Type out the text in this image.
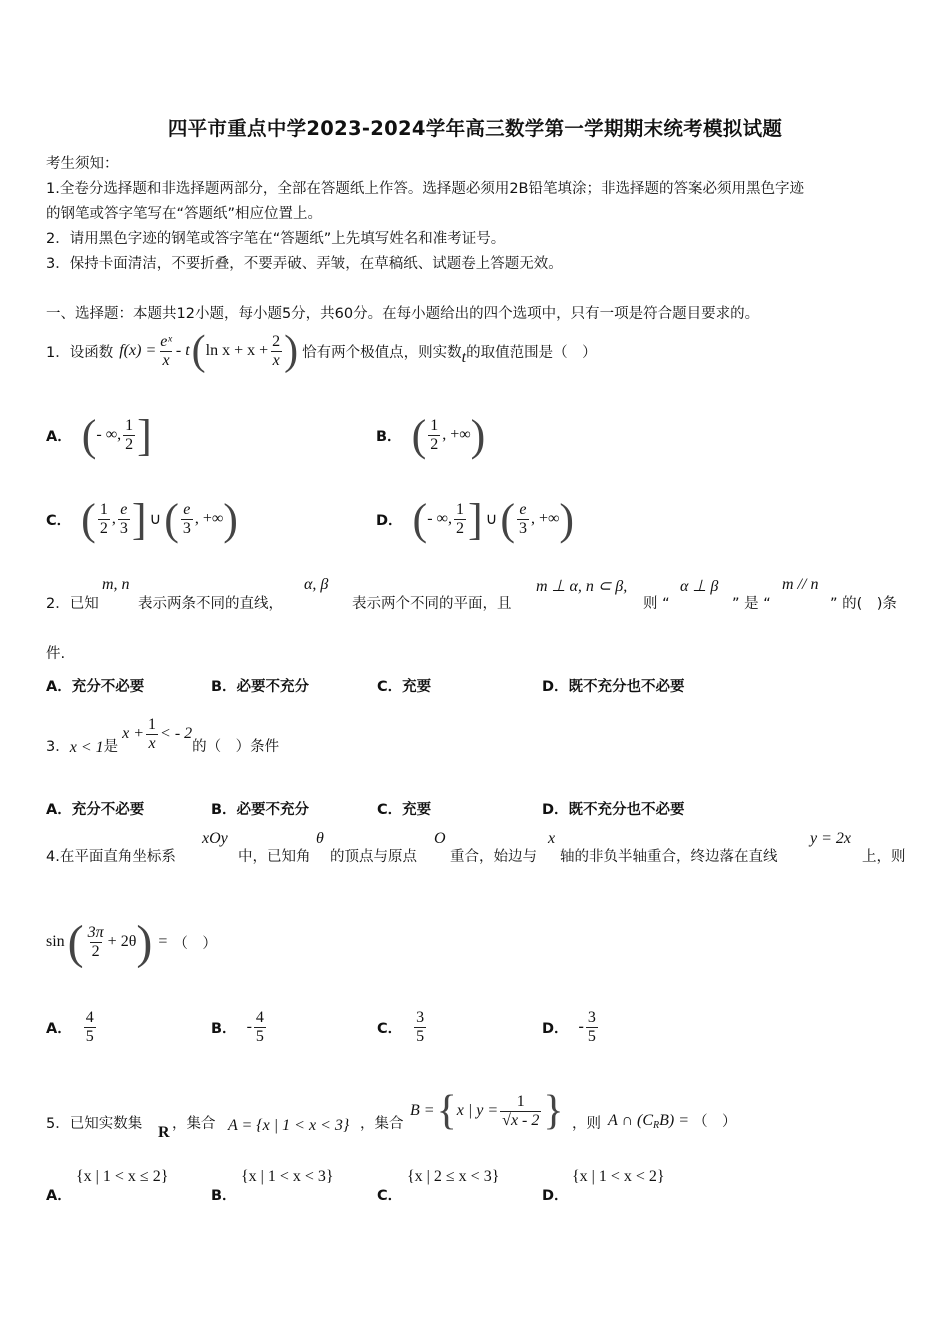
四平市重点中学2023-2024学年高三数学第一学期期末统考模拟试题
考生须知：
1.全卷分选择题和非选择题两部分，全部在答题纸上作答。选择题必须用2B铅笔填涂；非选择题的答案必须用黑色字迹
的钢笔或答字笔写在“答题纸”相应位置上。
2．请用黑色字迹的钢笔或答字笔在“答题纸”上先填写姓名和准考证号。
3．保持卡面清洁，不要折叠，不要弄破、弄皱，在草稿纸、试题卷上答题无效。
一、选择题：本题共12小题，每小题5分，共60分。在每小题给出的四个选项中，只有一项是符合题目要求的。
1．设函数 $f(x) = \frac{\text{eˣ}}{x} - t$ ( $\ln x + x + \frac{2}{x}$ ) 恰有两个极值点，则实数 t 的取值范围是（　）
A． ( - ∞, $\frac{1}{2}$ ]	B． ( $\frac{1}{2}$ , +∞ )
C． ( $\frac{1}{2}$ , $\frac{e}{3}$ ] ∪ ( $\frac{e}{3}$ , +∞ )	D． ( - ∞, $\frac{1}{2}$ ] ∪ ( $\frac{e}{3}$ , +∞ )
2．已知
m, n
表示两条不同的直线，
α, β
表示两个不同的平面，且
m ⊥ α, n ⊂ β,
则 “
α ⊥ β
” 是 “
m // n
” 的(　)条
件.
A．充分不必要	B．必要不充分	C．充要	D．既不充分也不必要
3． x < 1 是
$x + \frac{1}{x}$ < - 2
的（　）条件
A．充分不必要	B．必要不充分	C．充要	D．既不充分也不必要
4.在平面直角坐标系
xOy
中，已知角
θ
的顶点与原点
O
重合，始边与
x
轴的非负半轴重合，终边落在直线
y = 2x
上，则
sin ( $\frac{3\pi}{2} + 2\theta$ ) = （　）
A． $\frac{4}{5}$	B． - $\frac{4}{5}$	C． $\frac{3}{5}$	D． - $\frac{3}{5}$
5．已知实数集 R ，集合 A = {x | 1 < x < 3} ，集合
B = { x | $y = \frac{1}{√x - 2}$ } ，则 A ∩ (C R B) = （　）
A．
{x | 1 < x ≤ 2}
B．
{x | 1 < x < 3}
C．
{x | 2 ≤ x < 3}
D．
{x | 1 < x < 2}
